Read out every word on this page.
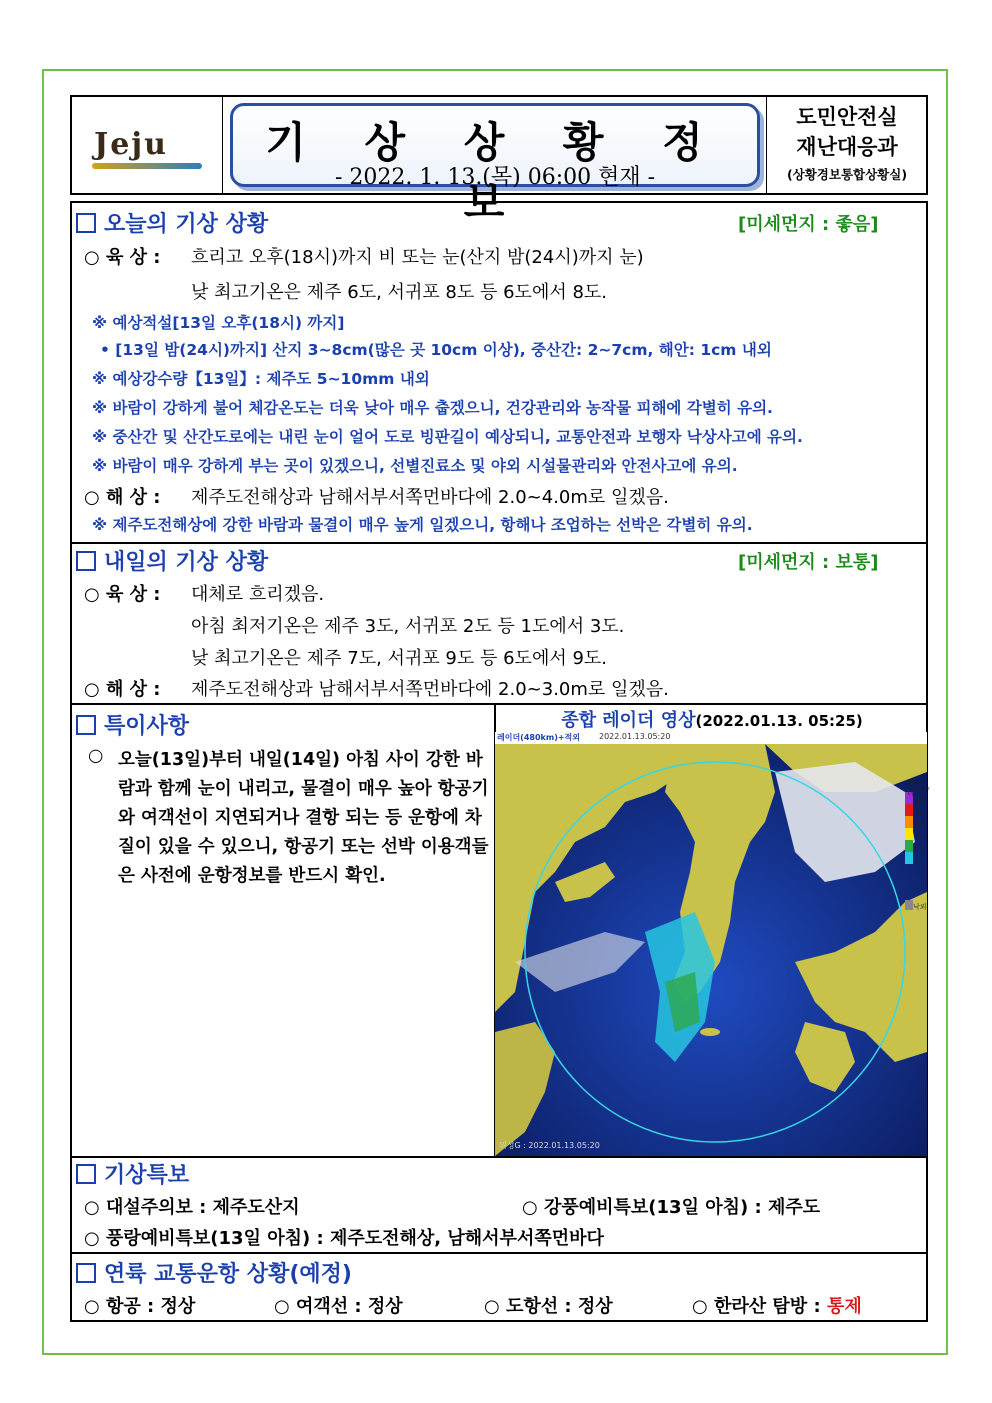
Jeju	기 상 상 황 정 보
- 2022. 1. 13.(목) 06:00 현재 -
도민안전실
재난대응과
(상황경보통합상황실)
오늘의 기상 상황	[미세먼지 : 좋음]
○ 육 상 : 흐리고 오후(18시)까지 비 또는 눈(산지 밤(24시)까지 눈)
낮 최고기온은 제주 6도, 서귀포 8도 등 6도에서 8도.
※ 예상적설[13일 오후(18시) 까지]
• [13일 밤(24시)까지] 산지 3~8cm(많은 곳 10cm 이상), 중산간: 2~7cm, 해안: 1cm 내외
※ 예상강수량【13일】: 제주도 5~10mm 내외
※ 바람이 강하게 불어 체감온도는 더욱 낮아 매우 춥겠으니, 건강관리와 농작물 피해에 각별히 유의.
※ 중산간 및 산간도로에는 내린 눈이 얼어 도로 빙판길이 예상되니, 교통안전과 보행자 낙상사고에 유의.
※ 바람이 매우 강하게 부는 곳이 있겠으니, 선별진료소 및 야외 시설물관리와 안전사고에 유의.
○ 해 상 : 제주도전해상과 남해서부서쪽먼바다에 2.0~4.0m로 일겠음.
※ 제주도전해상에 강한 바람과 물결이 매우 높게 일겠으니, 항해나 조업하는 선박은 각별히 유의.
내일의 기상 상황	[미세먼지 : 보통]
○ 육 상 : 대체로 흐리겠음.
아침 최저기온은 제주 3도, 서귀포 2도 등 1도에서 3도.
낮 최고기온은 제주 7도, 서귀포 9도 등 6도에서 9도.
○ 해 상 : 제주도전해상과 남해서부서쪽먼바다에 2.0~3.0m로 일겠음.
특이사항
○ 오늘(13일)부터 내일(14일) 아침 사이 강한 바람과 함께 눈이 내리고, 물결이 매우 높아 항공기와 여객선이 지연되거나 결항 되는 등 운항에 차질이 있을 수 있으니, 항공기 또는 선박 이용객들은 사전에 운항정보를 반드시 확인.
종합 레이더 영상(2022.01.13. 05:25)
레이더(480km)+적외 2022.01.13.05:20
위성G : 2022.01.13.05:20
레이더
60
30
10
5
2
1
mm/h
낙뢰
기상특보
○ 대설주의보 : 제주도산지	○ 강풍예비특보(13일 아침) : 제주도
○ 풍랑예비특보(13일 아침) : 제주도전해상, 남해서부서쪽먼바다
연륙 교통운항 상황(예정)
○ 항공 : 정상	○ 여객선 : 정상	○ 도항선 : 정상	○ 한라산 탐방 : 통제
